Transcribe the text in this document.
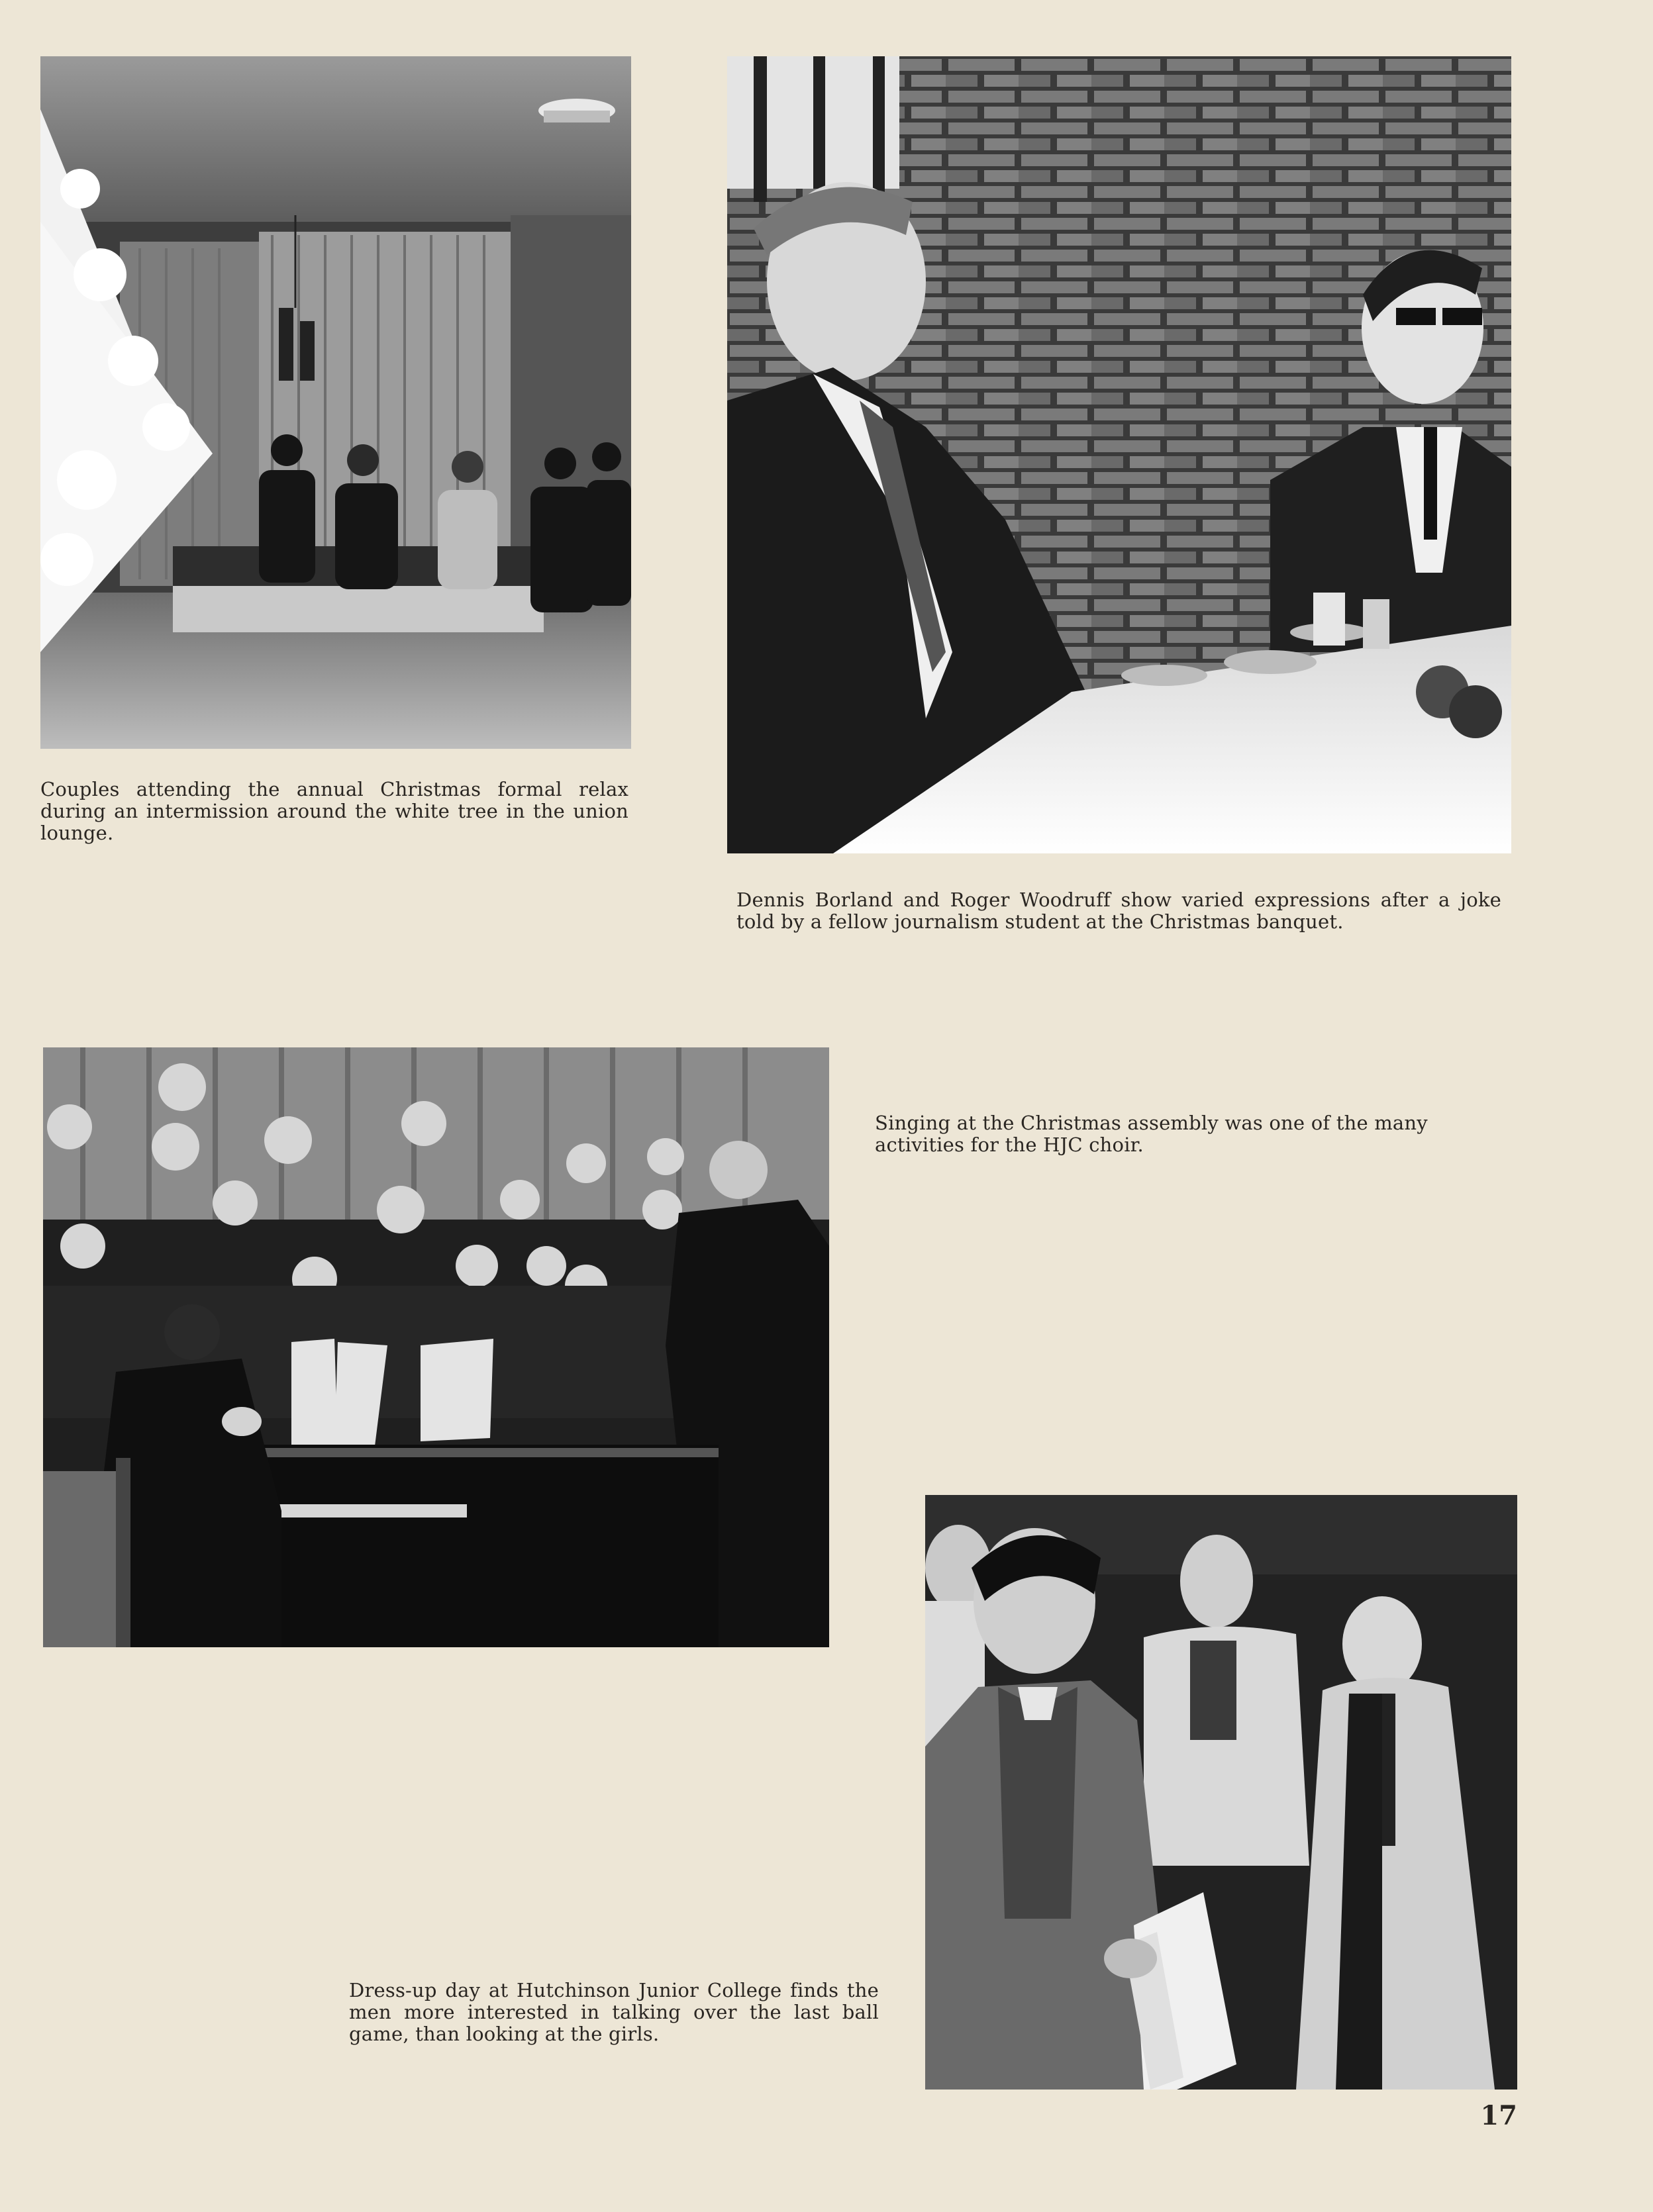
Couples attending the annual Christmas formal relax during an intermission around the white tree in the union lounge.

Dennis Borland and Roger Woodruff show varied expressions after a joke told by a fellow journalism student at the Christmas banquet.

Singing at the Christmas assembly was one of the many activities for the HJC choir.

Dress-up day at Hutchinson Junior College finds the men more interested in talking over the last ball game, than looking at the girls.

17
